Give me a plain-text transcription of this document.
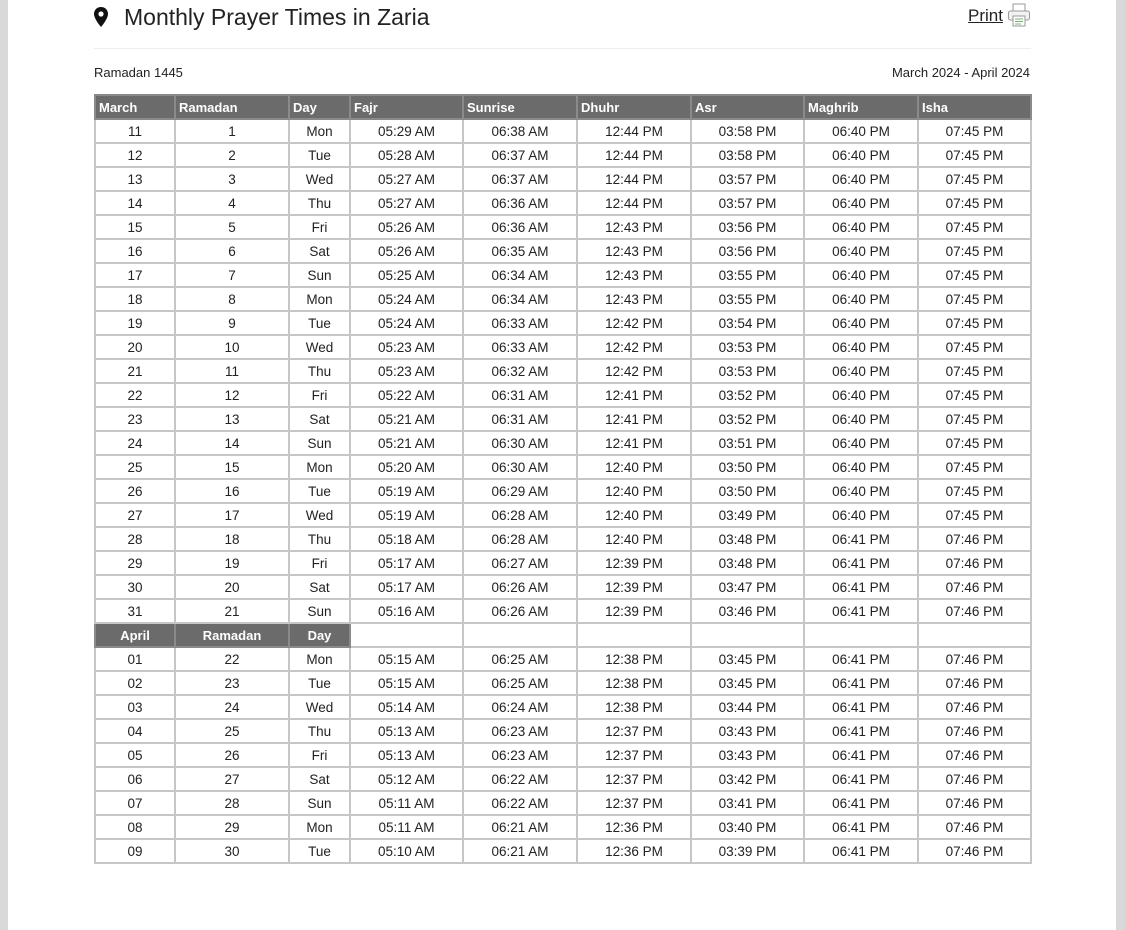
Monthly Prayer Times in Zaria	Print
Ramadan 1445	March 2024 - April 2024
March	Ramadan	Day	Fajr	Sunrise	Dhuhr	Asr	Maghrib	Isha
11	1	Mon	05:29 AM	06:38 AM	12:44 PM	03:58 PM	06:40 PM	07:45 PM
12	2	Tue	05:28 AM	06:37 AM	12:44 PM	03:58 PM	06:40 PM	07:45 PM
13	3	Wed	05:27 AM	06:37 AM	12:44 PM	03:57 PM	06:40 PM	07:45 PM
14	4	Thu	05:27 AM	06:36 AM	12:44 PM	03:57 PM	06:40 PM	07:45 PM
15	5	Fri	05:26 AM	06:36 AM	12:43 PM	03:56 PM	06:40 PM	07:45 PM
16	6	Sat	05:26 AM	06:35 AM	12:43 PM	03:56 PM	06:40 PM	07:45 PM
17	7	Sun	05:25 AM	06:34 AM	12:43 PM	03:55 PM	06:40 PM	07:45 PM
18	8	Mon	05:24 AM	06:34 AM	12:43 PM	03:55 PM	06:40 PM	07:45 PM
19	9	Tue	05:24 AM	06:33 AM	12:42 PM	03:54 PM	06:40 PM	07:45 PM
20	10	Wed	05:23 AM	06:33 AM	12:42 PM	03:53 PM	06:40 PM	07:45 PM
21	11	Thu	05:23 AM	06:32 AM	12:42 PM	03:53 PM	06:40 PM	07:45 PM
22	12	Fri	05:22 AM	06:31 AM	12:41 PM	03:52 PM	06:40 PM	07:45 PM
23	13	Sat	05:21 AM	06:31 AM	12:41 PM	03:52 PM	06:40 PM	07:45 PM
24	14	Sun	05:21 AM	06:30 AM	12:41 PM	03:51 PM	06:40 PM	07:45 PM
25	15	Mon	05:20 AM	06:30 AM	12:40 PM	03:50 PM	06:40 PM	07:45 PM
26	16	Tue	05:19 AM	06:29 AM	12:40 PM	03:50 PM	06:40 PM	07:45 PM
27	17	Wed	05:19 AM	06:28 AM	12:40 PM	03:49 PM	06:40 PM	07:45 PM
28	18	Thu	05:18 AM	06:28 AM	12:40 PM	03:48 PM	06:41 PM	07:46 PM
29	19	Fri	05:17 AM	06:27 AM	12:39 PM	03:48 PM	06:41 PM	07:46 PM
30	20	Sat	05:17 AM	06:26 AM	12:39 PM	03:47 PM	06:41 PM	07:46 PM
31	21	Sun	05:16 AM	06:26 AM	12:39 PM	03:46 PM	06:41 PM	07:46 PM
April	Ramadan	Day						
01	22	Mon	05:15 AM	06:25 AM	12:38 PM	03:45 PM	06:41 PM	07:46 PM
02	23	Tue	05:15 AM	06:25 AM	12:38 PM	03:45 PM	06:41 PM	07:46 PM
03	24	Wed	05:14 AM	06:24 AM	12:38 PM	03:44 PM	06:41 PM	07:46 PM
04	25	Thu	05:13 AM	06:23 AM	12:37 PM	03:43 PM	06:41 PM	07:46 PM
05	26	Fri	05:13 AM	06:23 AM	12:37 PM	03:43 PM	06:41 PM	07:46 PM
06	27	Sat	05:12 AM	06:22 AM	12:37 PM	03:42 PM	06:41 PM	07:46 PM
07	28	Sun	05:11 AM	06:22 AM	12:37 PM	03:41 PM	06:41 PM	07:46 PM
08	29	Mon	05:11 AM	06:21 AM	12:36 PM	03:40 PM	06:41 PM	07:46 PM
09	30	Tue	05:10 AM	06:21 AM	12:36 PM	03:39 PM	06:41 PM	07:46 PM
